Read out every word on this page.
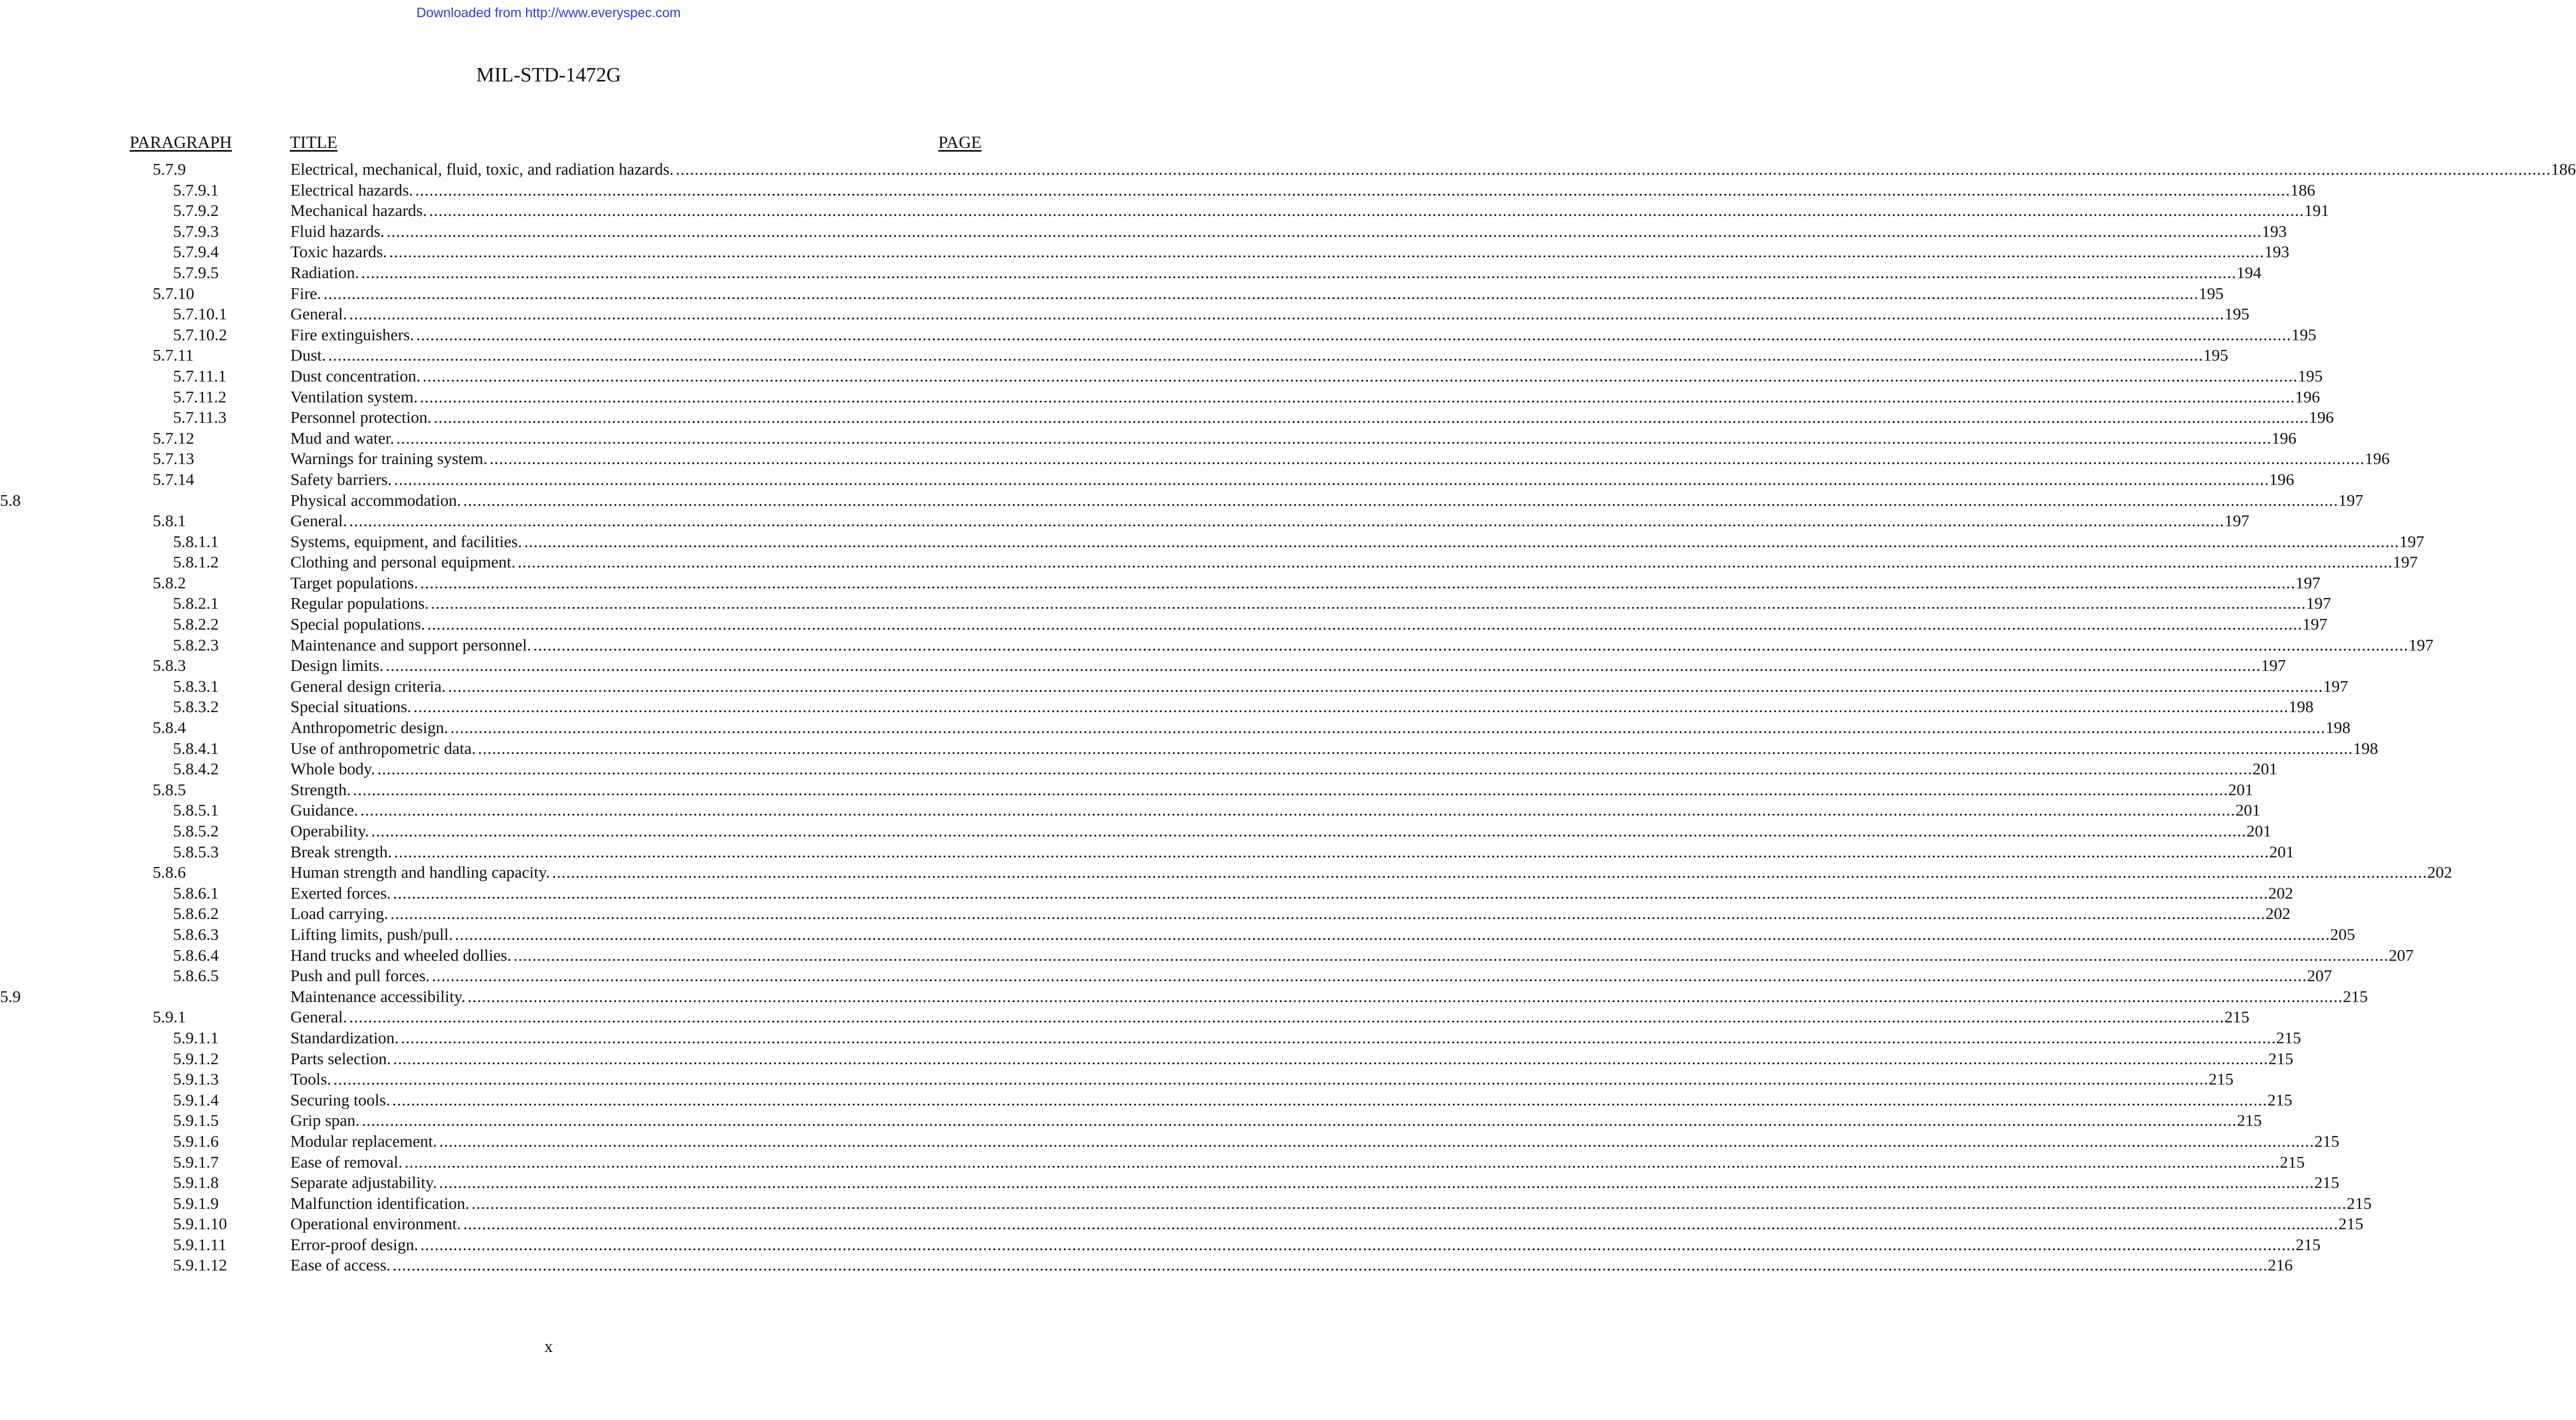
Downloaded from http://www.everyspec.com
MIL-STD-1472G
PARAGRAPH	TITLE	PAGE
5.7.9	Electrical, mechanical, fluid, toxic, and radiation hazards. ................................................................................................................................................................................................................................................................................................................................................................................................................ 186
5.7.9.1	Electrical hazards. ................................................................................................................................................................................................................................................................................................................................................................................................................ 186
5.7.9.2	Mechanical hazards. ................................................................................................................................................................................................................................................................................................................................................................................................................ 191
5.7.9.3	Fluid hazards. ................................................................................................................................................................................................................................................................................................................................................................................................................ 193
5.7.9.4	Toxic hazards. ................................................................................................................................................................................................................................................................................................................................................................................................................ 193
5.7.9.5	Radiation. ................................................................................................................................................................................................................................................................................................................................................................................................................ 194
5.7.10	Fire. ................................................................................................................................................................................................................................................................................................................................................................................................................ 195
5.7.10.1	General. ................................................................................................................................................................................................................................................................................................................................................................................................................ 195
5.7.10.2	Fire extinguishers. ................................................................................................................................................................................................................................................................................................................................................................................................................ 195
5.7.11	Dust. ................................................................................................................................................................................................................................................................................................................................................................................................................ 195
5.7.11.1	Dust concentration. ................................................................................................................................................................................................................................................................................................................................................................................................................ 195
5.7.11.2	Ventilation system. ................................................................................................................................................................................................................................................................................................................................................................................................................ 196
5.7.11.3	Personnel protection. ................................................................................................................................................................................................................................................................................................................................................................................................................ 196
5.7.12	Mud and water. ................................................................................................................................................................................................................................................................................................................................................................................................................ 196
5.7.13	Warnings for training system. ................................................................................................................................................................................................................................................................................................................................................................................................................ 196
5.7.14	Safety barriers. ................................................................................................................................................................................................................................................................................................................................................................................................................ 196
5.8	Physical accommodation. ................................................................................................................................................................................................................................................................................................................................................................................................................ 197
5.8.1	General. ................................................................................................................................................................................................................................................................................................................................................................................................................ 197
5.8.1.1	Systems, equipment, and facilities. ................................................................................................................................................................................................................................................................................................................................................................................................................ 197
5.8.1.2	Clothing and personal equipment. ................................................................................................................................................................................................................................................................................................................................................................................................................ 197
5.8.2	Target populations. ................................................................................................................................................................................................................................................................................................................................................................................................................ 197
5.8.2.1	Regular populations. ................................................................................................................................................................................................................................................................................................................................................................................................................ 197
5.8.2.2	Special populations. ................................................................................................................................................................................................................................................................................................................................................................................................................ 197
5.8.2.3	Maintenance and support personnel. ................................................................................................................................................................................................................................................................................................................................................................................................................ 197
5.8.3	Design limits. ................................................................................................................................................................................................................................................................................................................................................................................................................ 197
5.8.3.1	General design criteria. ................................................................................................................................................................................................................................................................................................................................................................................................................ 197
5.8.3.2	Special situations. ................................................................................................................................................................................................................................................................................................................................................................................................................ 198
5.8.4	Anthropometric design. ................................................................................................................................................................................................................................................................................................................................................................................................................ 198
5.8.4.1	Use of anthropometric data. ................................................................................................................................................................................................................................................................................................................................................................................................................ 198
5.8.4.2	Whole body. ................................................................................................................................................................................................................................................................................................................................................................................................................ 201
5.8.5	Strength. ................................................................................................................................................................................................................................................................................................................................................................................................................ 201
5.8.5.1	Guidance. ................................................................................................................................................................................................................................................................................................................................................................................................................ 201
5.8.5.2	Operability. ................................................................................................................................................................................................................................................................................................................................................................................................................ 201
5.8.5.3	Break strength. ................................................................................................................................................................................................................................................................................................................................................................................................................ 201
5.8.6	Human strength and handling capacity. ................................................................................................................................................................................................................................................................................................................................................................................................................ 202
5.8.6.1	Exerted forces. ................................................................................................................................................................................................................................................................................................................................................................................................................ 202
5.8.6.2	Load carrying. ................................................................................................................................................................................................................................................................................................................................................................................................................ 202
5.8.6.3	Lifting limits, push/pull. ................................................................................................................................................................................................................................................................................................................................................................................................................ 205
5.8.6.4	Hand trucks and wheeled dollies. ................................................................................................................................................................................................................................................................................................................................................................................................................ 207
5.8.6.5	Push and pull forces. ................................................................................................................................................................................................................................................................................................................................................................................................................ 207
5.9	Maintenance accessibility. ................................................................................................................................................................................................................................................................................................................................................................................................................ 215
5.9.1	General. ................................................................................................................................................................................................................................................................................................................................................................................................................ 215
5.9.1.1	Standardization. ................................................................................................................................................................................................................................................................................................................................................................................................................ 215
5.9.1.2	Parts selection. ................................................................................................................................................................................................................................................................................................................................................................................................................ 215
5.9.1.3	Tools. ................................................................................................................................................................................................................................................................................................................................................................................................................ 215
5.9.1.4	Securing tools. ................................................................................................................................................................................................................................................................................................................................................................................................................ 215
5.9.1.5	Grip span. ................................................................................................................................................................................................................................................................................................................................................................................................................ 215
5.9.1.6	Modular replacement. ................................................................................................................................................................................................................................................................................................................................................................................................................ 215
5.9.1.7	Ease of removal. ................................................................................................................................................................................................................................................................................................................................................................................................................ 215
5.9.1.8	Separate adjustability. ................................................................................................................................................................................................................................................................................................................................................................................................................ 215
5.9.1.9	Malfunction identification. ................................................................................................................................................................................................................................................................................................................................................................................................................ 215
5.9.1.10	Operational environment. ................................................................................................................................................................................................................................................................................................................................................................................................................ 215
5.9.1.11	Error-proof design. ................................................................................................................................................................................................................................................................................................................................................................................................................ 215
5.9.1.12	Ease of access. ................................................................................................................................................................................................................................................................................................................................................................................................................ 216
x
